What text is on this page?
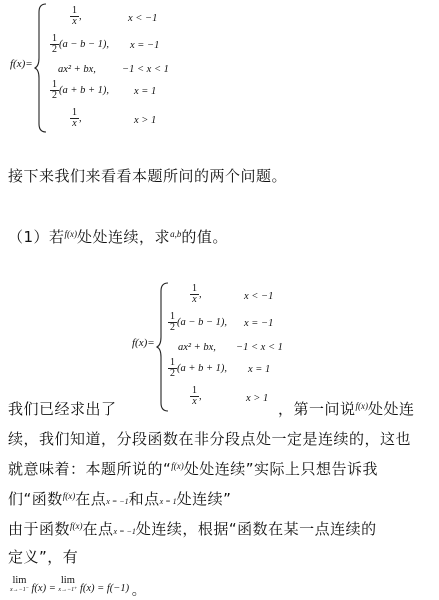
f(x)=
$\frac{1}{x}$ ,	x < −1
$\frac{1}{2} (a - b - 1)$, x = −1
ax² + bx, −1 < x < 1
$\frac{1}{2} (a + b + 1)$, x = 1
$\frac{1}{x}$ ,	x > 1
接下来我们来看看本题所问的两个问题。
（1）若$^{f(x)}$处处连续，求$^{a,b}$的值。
f(x)=
$\frac{1}{x}$ ,	x < −1
$\frac{1}{2} (a - b - 1)$, x = −1
ax² + bx, −1 < x < 1
$\frac{1}{2} (a + b + 1)$, x = 1
$\frac{1}{x}$ ,	x > 1
我们已经求出了	，第一问说$^{f(x)}$处处连
续，我们知道，分段函数在非分段点处一定是连续的，这也
就意味着：本题所说的“$^{f(x)}$处处连续”实际上只想告诉我
们“函数$^{f(x)}$在点x = −1和点x = 1处连续”
由于函数$^{f(x)}$在点x = −1处连续，根据“函数在某一点连续的
定义”，有
lim
x→−1⁻ f(x) =
lim
x→−1⁺ f(x) = f(−1) 。
